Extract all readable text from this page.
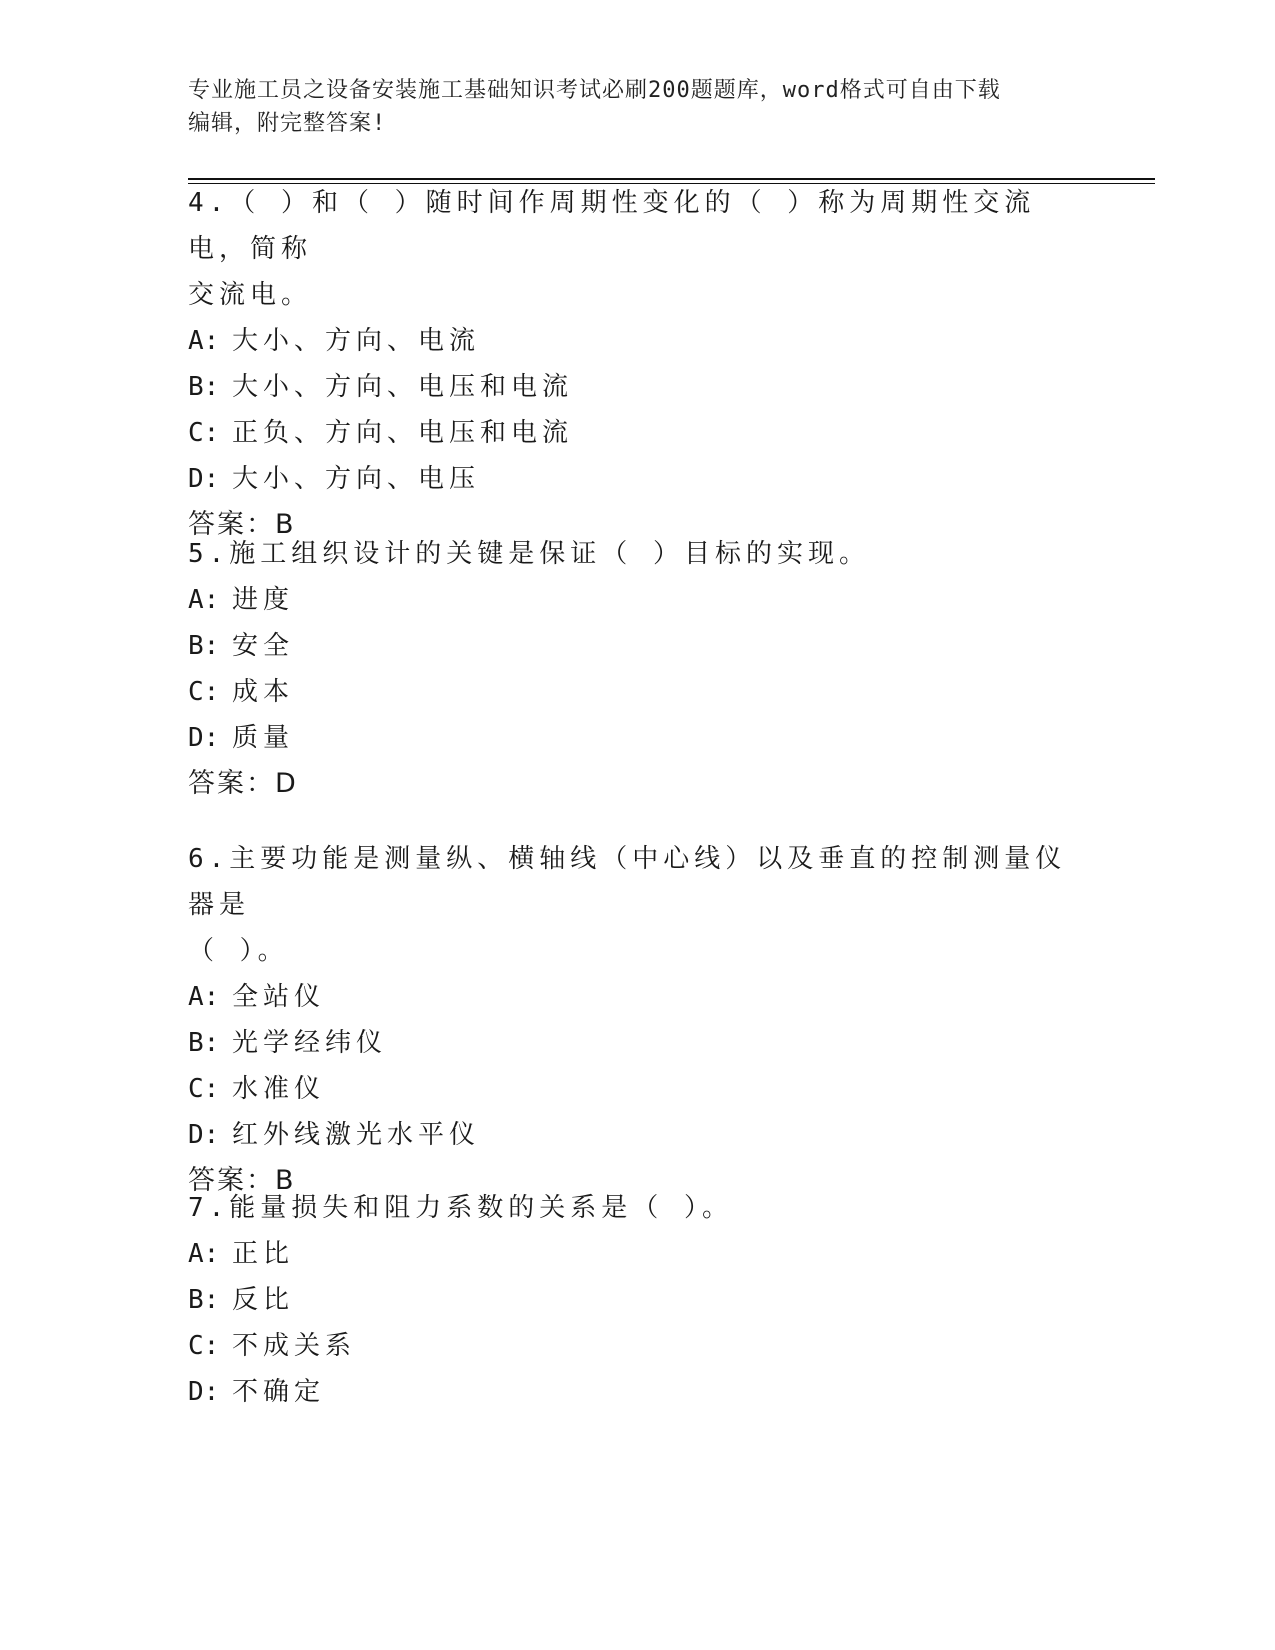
专业施工员之设备安装施工基础知识考试必刷200题题库，word格式可自由下载
编辑，附完整答案!

4.（ ）和（ ）随时间作周期性变化的（ ）称为周期性交流电，简称

交流电。

A: 大小、方向、电流

B: 大小、方向、电压和电流

C: 正负、方向、电压和电流

D: 大小、方向、电压

答案：B

5.施工组织设计的关键是保证（ ）目标的实现。

A: 进度

B: 安全

C: 成本

D: 质量

答案：D

6.主要功能是测量纵、横轴线（中心线）以及垂直的控制测量仪器是

（ ）。

A: 全站仪

B: 光学经纬仪

C: 水准仪

D: 红外线激光水平仪

答案：B

7.能量损失和阻力系数的关系是（ ）。

A: 正比

B: 反比

C: 不成关系

D: 不确定
